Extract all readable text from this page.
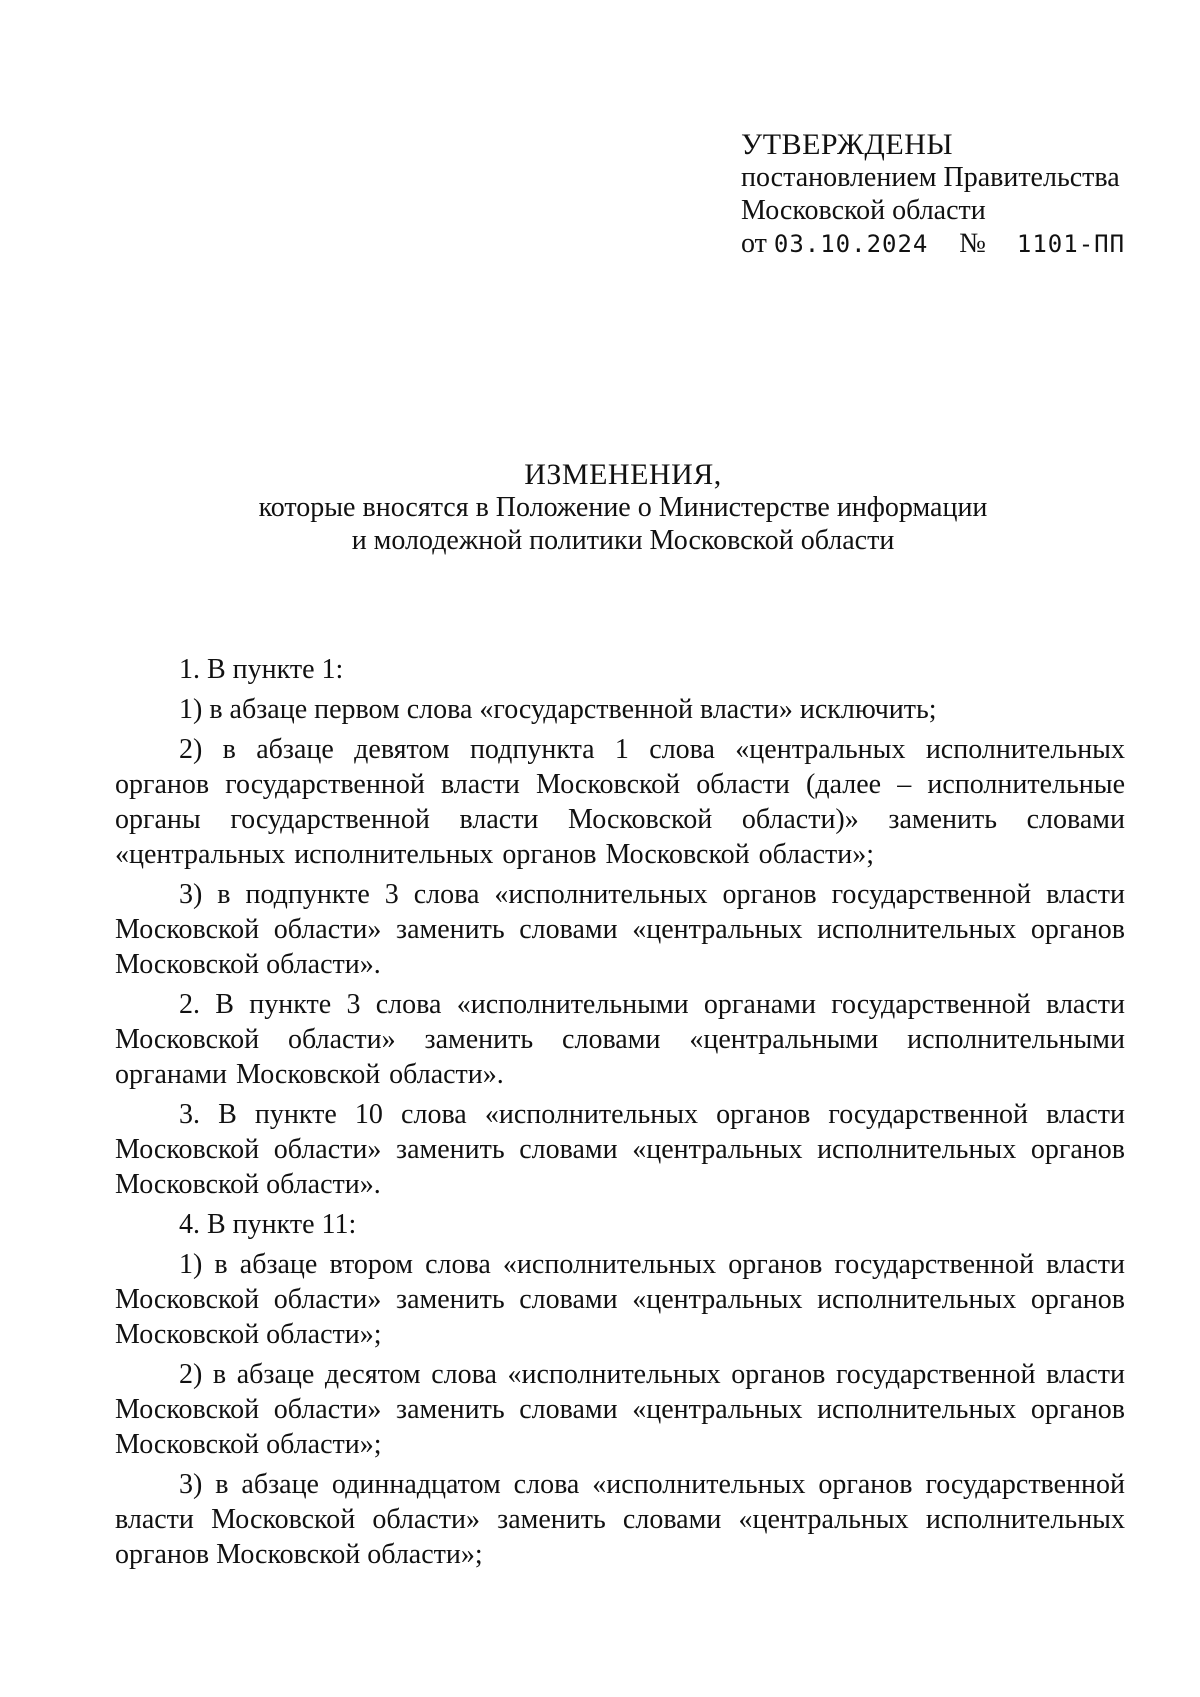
УТВЕРЖДЕНЫ
постановлением Правительства
Московской области
от 03.10.2024 № 1101-ПП
ИЗМЕНЕНИЯ,
которые вносятся в Положение о Министерстве информации
и молодежной политики Московской области

1. В пункте 1:

1) в абзаце первом слова «государственной власти» исключить;

2) в абзаце девятом подпункта 1 слова «центральных исполнительных органов государственной власти Московской области (далее – исполнительные органы государственной власти Московской области)» заменить словами «центральных исполнительных органов Московской области»;

3) в подпункте 3 слова «исполнительных органов государственной власти Московской области» заменить словами «центральных исполнительных органов Московской области».

2. В пункте 3 слова «исполнительными органами государственной власти Московской области» заменить словами «центральными исполнительными органами Московской области».

3. В пункте 10 слова «исполнительных органов государственной власти Московской области» заменить словами «центральных исполнительных органов Московской области».

4. В пункте 11:

1) в абзаце втором слова «исполнительных органов государственной власти Московской области» заменить словами «центральных исполнительных органов Московской области»;

2) в абзаце десятом слова «исполнительных органов государственной власти Московской области» заменить словами «центральных исполнительных органов Московской области»;

3) в абзаце одиннадцатом слова «исполнительных органов государственной власти Московской области» заменить словами «центральных исполнительных органов Московской области»;
